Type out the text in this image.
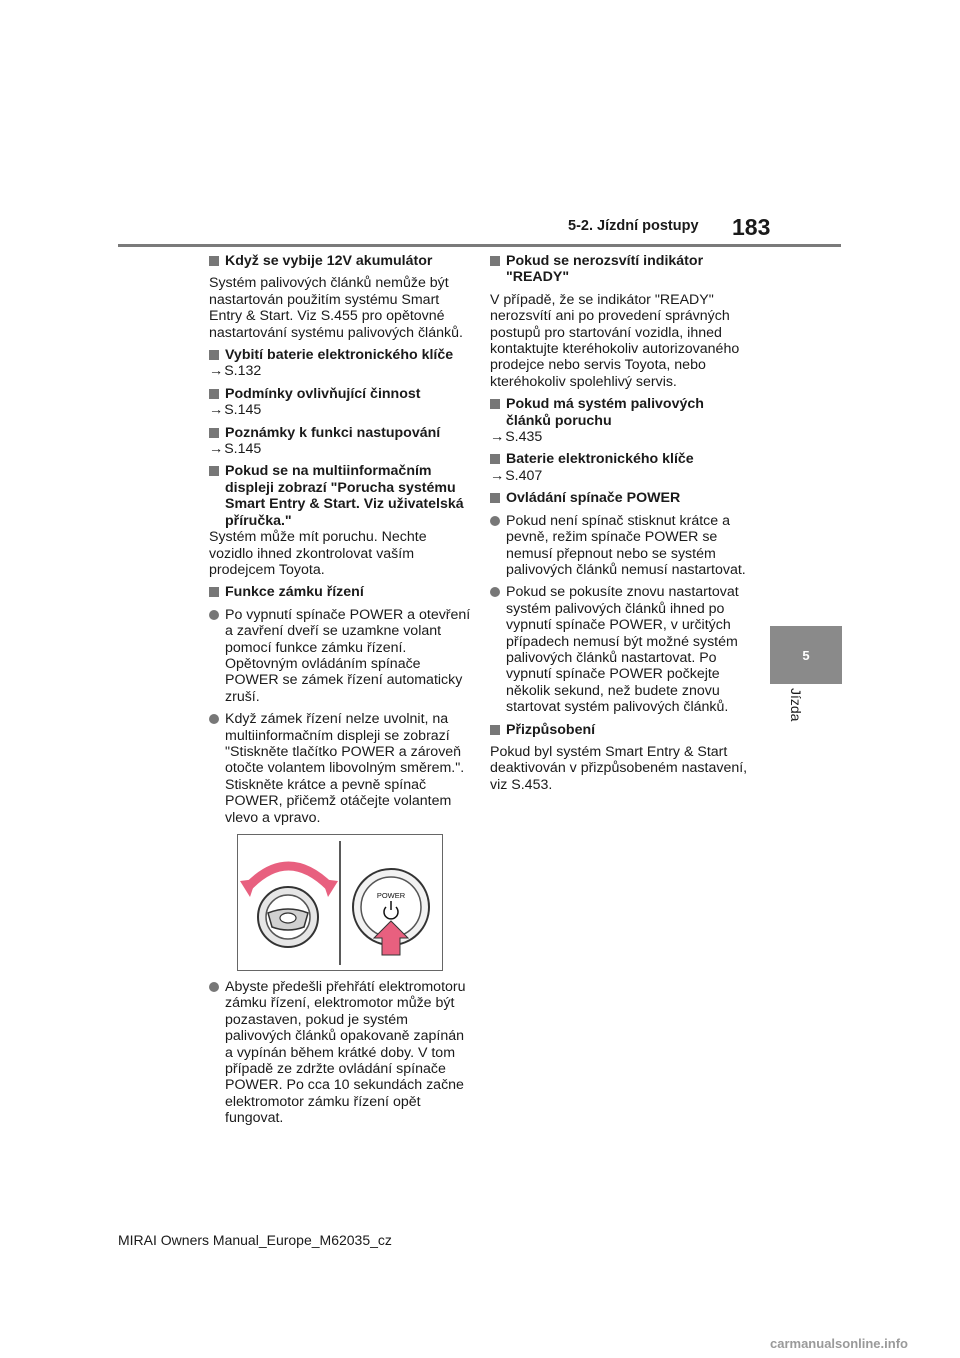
5-2. Jízdní postupy 183
5
Jízda
Když se vybije 12V akumulátor
Systém palivových článků nemůže být nastartován použitím systému Smart Entry & Start. Viz S.455 pro opětovné nastartování systému palivových článků.
Vybití baterie elektronického klíče
→ S.132
Podmínky ovlivňující činnost
→ S.145
Poznámky k funkci nastupování
→ S.145
Pokud se na multiinformačním displeji zobrazí "Porucha systému Smart Entry & Start. Viz uživatelská příručka."
Systém může mít poruchu. Nechte vozidlo ihned zkontrolovat vaším prodejcem Toyota.
Funkce zámku řízení
Po vypnutí spínače POWER a otevření a zavření dveří se uzamkne volant pomocí funkce zámku řízení. Opětovným ovládáním spínače POWER se zámek řízení automaticky zruší.
Když zámek řízení nelze uvolnit, na multiinformačním displeji se zobrazí "Stiskněte tlačítko POWER a zároveň otočte volantem libovolným směrem.". Stiskněte krátce a pevně spínač POWER, přičemž otáčejte volantem vlevo a vpravo.
POWER
Abyste předešli přehřátí elektromotoru zámku řízení, elektromotor může být pozastaven, pokud je systém palivových článků opakovaně zapínán a vypínán během krátké doby. V tom případě ze zdržte ovládání spínače POWER. Po cca 10 sekundách začne elektromotor zámku řízení opět fungovat.
Pokud se nerozsvítí indikátor "READY"
V případě, že se indikátor "READY" nerozsvítí ani po provedení správných postupů pro startování vozidla, ihned kontaktujte kteréhokoliv autorizovaného prodejce nebo servis Toyota, nebo kteréhokoliv spolehlivý servis.
Pokud má systém palivových článků poruchu
→ S.435
Baterie elektronického klíče
→ S.407
Ovládání spínače POWER
Pokud není spínač stisknut krátce a pevně, režim spínače POWER se nemusí přepnout nebo se systém palivových článků nemusí nastartovat.
Pokud se pokusíte znovu nastartovat systém palivových článků ihned po vypnutí spínače POWER, v určitých případech nemusí být možné systém palivových článků nastartovat. Po vypnutí spínače POWER počkejte několik sekund, než budete znovu startovat systém palivových článků.
Přizpůsobení
Pokud byl systém Smart Entry & Start deaktivován v přizpůsobeném nastavení, viz S.453.
MIRAI Owners Manual_Europe_M62035_cz
carmanualsonline.info
